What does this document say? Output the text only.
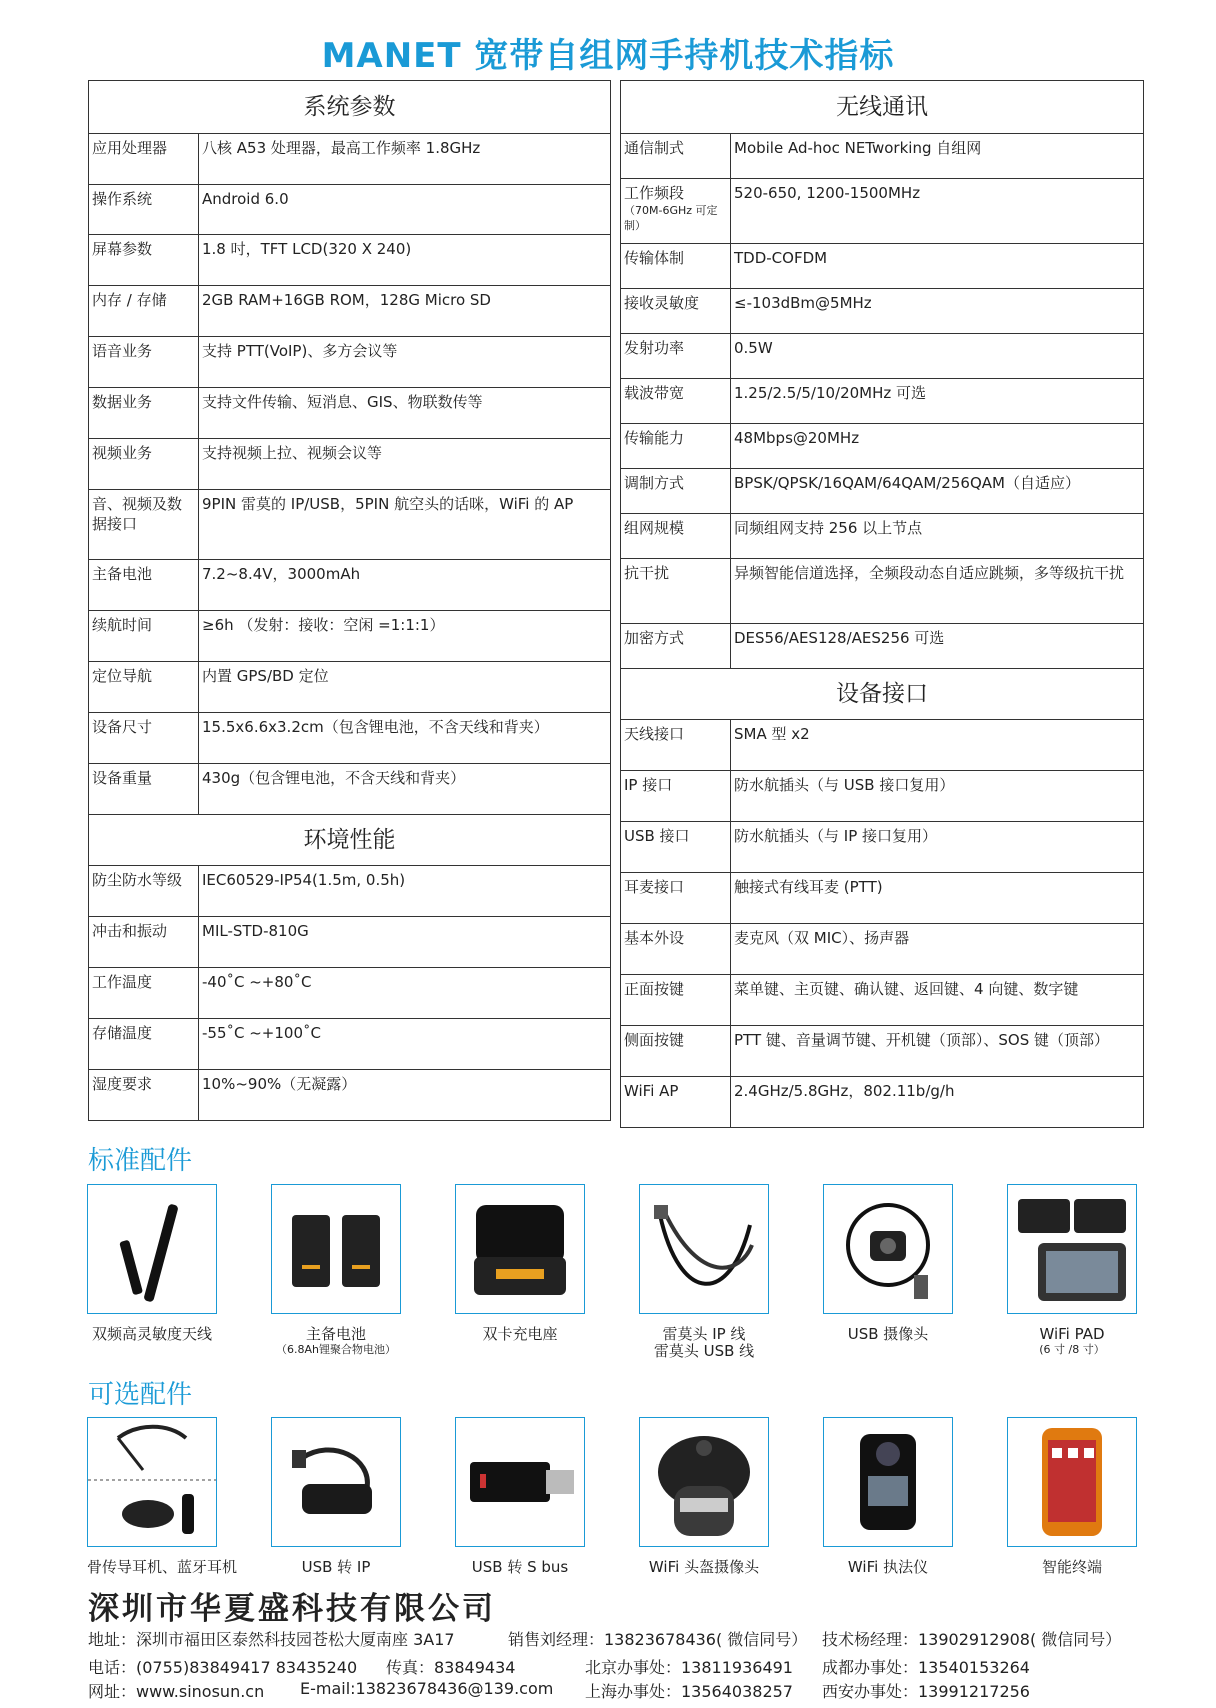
MANET 宽带自组网手持机技术指标
系统参数	
应用处理器	八核 A53 处理器，最高工作频率 1.8GHz
操作系统	Android 6.0
屏幕参数	1.8 吋，TFT LCD(320 X 240)
内存 / 存储	2GB RAM+16GB ROM，128G Micro SD
语音业务	支持 PTT(VoIP)、多方会议等
数据业务	支持文件传输、短消息、GIS、物联数传等
视频业务	支持视频上拉、视频会议等
音、视频及数据接口	9PIN 雷莫的 IP/USB，5PIN 航空头的话咪，WiFi 的 AP
主备电池	7.2~8.4V，3000mAh
续航时间	≥6h （发射：接收：空闲 =1:1:1）
定位导航	内置 GPS/BD 定位
设备尺寸	15.5x6.6x3.2cm（包含锂电池，不含天线和背夹）
设备重量	430g（包含锂电池，不含天线和背夹）
环境性能	
防尘防水等级	IEC60529-IP54(1.5m, 0.5h)
冲击和振动	MIL-STD-810G
工作温度	-40˚C ~+80˚C
存储温度	-55˚C ~+100˚C
湿度要求	10%~90%（无凝露）
无线通讯	
通信制式	Mobile Ad-hoc NETworking 自组网
工作频段
（70M-6GHz 可定制）	520-650, 1200-1500MHz
传输体制	TDD-COFDM
接收灵敏度	≤-103dBm@5MHz
发射功率	0.5W
载波带宽	1.25/2.5/5/10/20MHz 可选
传输能力	48Mbps@20MHz
调制方式	BPSK/QPSK/16QAM/64QAM/256QAM（自适应）
组网规模	同频组网支持 256 以上节点
抗干扰	异频智能信道选择，全频段动态自适应跳频，多等级抗干扰
加密方式	DES56/AES128/AES256 可选
设备接口	
天线接口	SMA 型 x2
IP 接口	防水航插头（与 USB 接口复用）
USB 接口	防水航插头（与 IP 接口复用）
耳麦接口	触接式有线耳麦 (PTT)
基本外设	麦克风（双 MIC）、扬声器
正面按键	菜单键、主页键、确认键、返回键、4 向键、数字键
侧面按键	PTT 键、音量调节键、开机键（顶部）、SOS 键（顶部）
WiFi AP	2.4GHz/5.8GHz，802.11b/g/h
标准配件
双频高灵敏度天线	主备电池
（6.8Ah锂聚合物电池）
双卡充电座	雷莫头 IP 线
雷莫头 USB 线
USB 摄像头	WiFi PAD
(6 寸 /8 寸）
可选配件
骨传导耳机、蓝牙耳机	USB 转 IP	USB 转 S bus	WiFi 头盔摄像头	WiFi 执法仪	智能终端
深圳市华夏盛科技有限公司
地址：深圳市福田区泰然科技园苍松大厦南座 3A17	销售刘经理：13823678436( 微信同号） 技术杨经理：13902912908( 微信同号）
电话：(0755)83849417 83435240 传真：83849434	北京办事处：13811936491 成都办事处：13540153264
网址：www.sinosun.cn E-mail:13823678436@139.com 上海办事处：13564038257 西安办事处：13991217256
